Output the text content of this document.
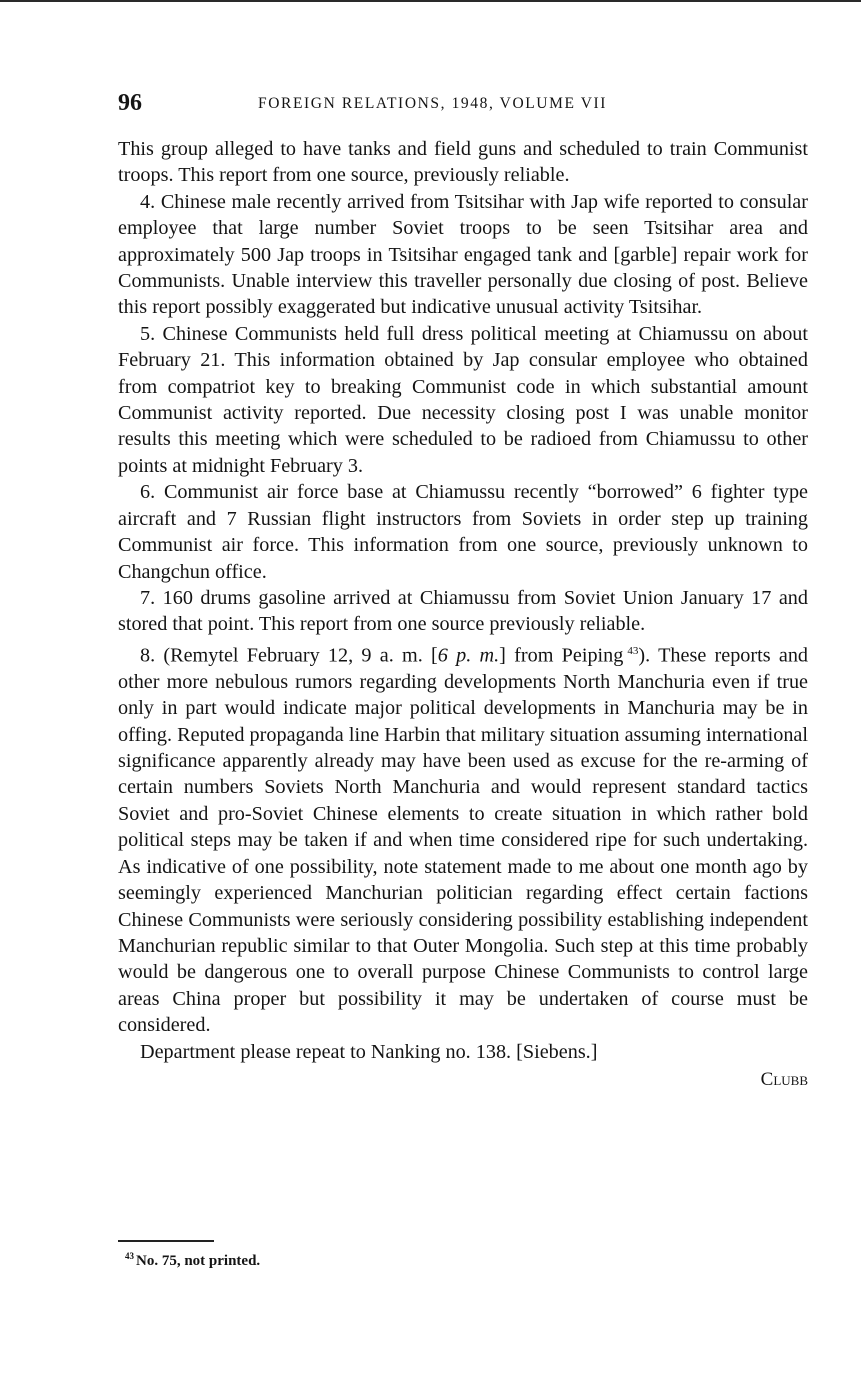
96	FOREIGN RELATIONS, 1948, VOLUME VII

This group alleged to have tanks and field guns and scheduled to train Communist troops. This report from one source, previously reliable.

4. Chinese male recently arrived from Tsitsihar with Jap wife reported to consular employee that large number Soviet troops to be seen Tsitsihar area and approximately 500 Jap troops in Tsitsihar engaged tank and [garble] repair work for Communists. Unable interview this traveller personally due closing of post. Believe this report possibly exaggerated but indicative unusual activity Tsitsihar.

5. Chinese Communists held full dress political meeting at Chiamussu on about February 21. This information obtained by Jap consular employee who obtained from compatriot key to breaking Communist code in which substantial amount Communist activity reported. Due necessity closing post I was unable monitor results this meeting which were scheduled to be radioed from Chiamussu to other points at midnight February 3.

6. Communist air force base at Chiamussu recently “borrowed” 6 fighter type aircraft and 7 Russian flight instructors from Soviets in order step up training Communist air force. This information from one source, previously unknown to Changchun office.

7. 160 drums gasoline arrived at Chiamussu from Soviet Union January 17 and stored that point. This report from one source previously reliable.

8. (Remytel February 12, 9 a. m. [6 p. m.] from Peiping  $^{43}$). These reports and other more nebulous rumors regarding developments North Manchuria even if true only in part would indicate major political developments in Manchuria may be in offing. Reputed propaganda line Harbin that military situation assuming international significance apparently already may have been used as excuse for the re-arming of certain numbers Soviets North Manchuria and would represent standard tactics Soviet and pro-Soviet Chinese elements to create situation in which rather bold political steps may be taken if and when time considered ripe for such undertaking. As indicative of one possibility, note statement made to me about one month ago by seemingly experienced Manchurian politician regarding effect certain factions Chinese Communists were seriously considering possibility establishing independent Manchurian republic similar to that Outer Mongolia. Such step at this time probably would be dangerous one to overall purpose Chinese Communists to control large areas China proper but possibility it may be undertaken of course must be considered.

Department please repeat to Nanking no. 138. [Siebens.]

Clubb
$^{43}$ No. 75, not printed.
